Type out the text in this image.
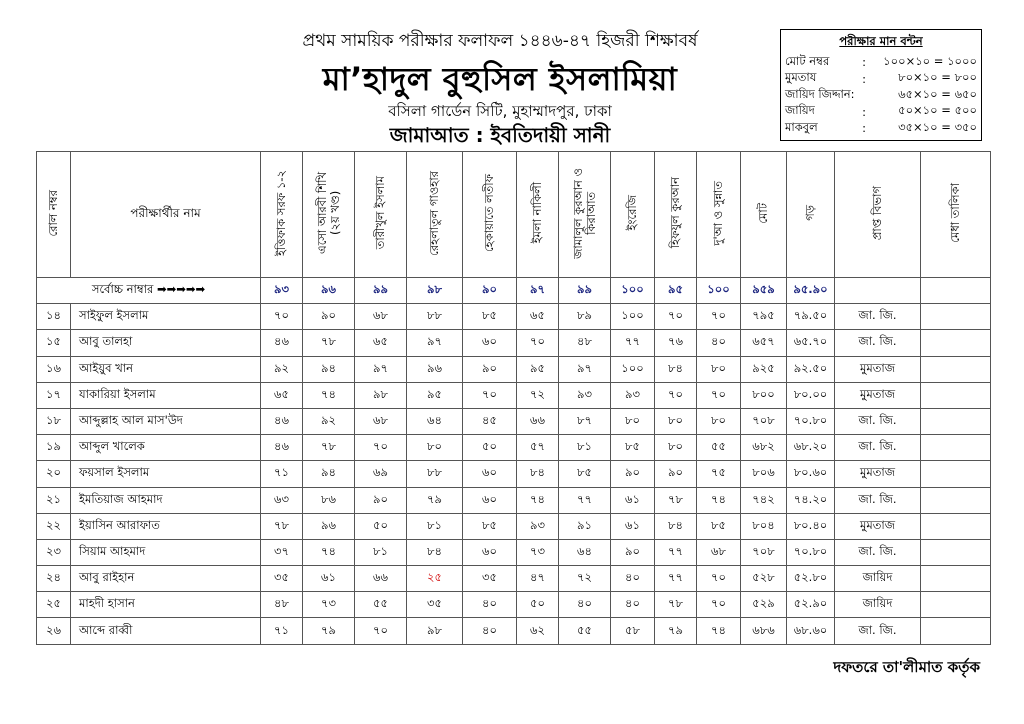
প্রথম সাময়িক পরীক্ষার ফলাফল ১৪৪৬-৪৭ হিজরী শিক্ষাবর্ষ
মা’হাদুল বুহুসিল ইসলামিয়া
বসিলা গার্ডেন সিটি, মুহাম্মাদপুর, ঢাকা
জামাআত : ইবতিদায়ী সানী
পরীক্ষার মান বন্টন
মোট নম্বর	:	১০০×১০ = ১০০০
মুমতায	:	৮০×১০ = ৮০০
জায়িদ জিদ্দান:	৬৫×১০ = ৬৫০
জায়িদ	:	৫০×১০ = ৫০০
মাকবুল	:	৩৫×১০ = ৩৫০
রোল নম্বর	পরীক্ষার্থীর নাম	ইত্তিফাক সরফ ১-২	এসো আরবী শিখি
(২য় খণ্ড)	তারীখুল ইসলাম	রেহলাতুল গাওহার	হেকায়াতে লতীফ	ইমলা নাকিলী	জামালুল কুরআন ও
কিরাআত	ইংরেজি	হিফযুল কুরআন	দু'আ ও সুন্নাত	মোট	গড়	প্রাপ্ত বিভাগ	মেধা তালিকা
সর্বোচ্চ নাম্বার ➡➡➡➡➡		৯৩	৯৬	৯৯	৯৮	৯০	৯৭	৯৯	১০০	৯৫	১০০	৯৫৯	৯৫.৯০		
১৪	সাইফুল ইসলাম	৭০	৯০	৬৮	৮৮	৮৫	৬৫	৮৯	১০০	৭০	৭০	৭৯৫	৭৯.৫০	জা. জি.	
১৫	আবু তালহা	৪৬	৭৮	৬৫	৯৭	৬০	৭০	৪৮	৭৭	৭৬	৪০	৬৫৭	৬৫.৭০	জা. জি.	
১৬	আইয়ুব খান	৯২	৯৪	৯৭	৯৬	৯০	৯৫	৯৭	১০০	৮৪	৮০	৯২৫	৯২.৫০	মুমতাজ	
১৭	যাকারিয়া ইসলাম	৬৫	৭৪	৯৮	৯৫	৭০	৭২	৯৩	৯৩	৭০	৭০	৮০০	৮০.০০	মুমতাজ	
১৮	আব্দুল্লাহ আল মাস'উদ	৪৬	৯২	৬৮	৬৪	৪৫	৬৬	৮৭	৮০	৮০	৮০	৭০৮	৭০.৮০	জা. জি.	
১৯	আব্দুল খালেক	৪৬	৭৮	৭০	৮০	৫০	৫৭	৮১	৮৫	৮০	৫৫	৬৮২	৬৮.২০	জা. জি.	
২০	ফয়সাল ইসলাম	৭১	৯৪	৬৯	৮৮	৬০	৮৪	৮৫	৯০	৯০	৭৫	৮০৬	৮০.৬০	মুমতাজ	
২১	ইমতিয়াজ আহমাদ	৬৩	৮৬	৯০	৭৯	৬০	৭৪	৭৭	৬১	৭৮	৭৪	৭৪২	৭৪.২০	জা. জি.	
২২	ইয়াসিন আরাফাত	৭৮	৯৬	৫০	৮১	৮৫	৯৩	৯১	৬১	৮৪	৮৫	৮০৪	৮০.৪০	মুমতাজ	
২৩	সিয়াম আহমাদ	৩৭	৭৪	৮১	৮৪	৬০	৭৩	৬৪	৯০	৭৭	৬৮	৭০৮	৭০.৮০	জা. জি.	
২৪	আবু রাইহান	৩৫	৬১	৬৬	২৫	৩৫	৪৭	৭২	৪০	৭৭	৭০	৫২৮	৫২.৮০	জায়িদ	
২৫	মাহদী হাসান	৪৮	৭৩	৫৫	৩৫	৪০	৫০	৪০	৪০	৭৮	৭০	৫২৯	৫২.৯০	জায়িদ	
২৬	আব্দে রাব্বী	৭১	৭৯	৭০	৯৮	৪০	৬২	৫৫	৫৮	৭৯	৭৪	৬৮৬	৬৮.৬০	জা. জি.	
দফতরে তা'লীমাত কর্তৃক
